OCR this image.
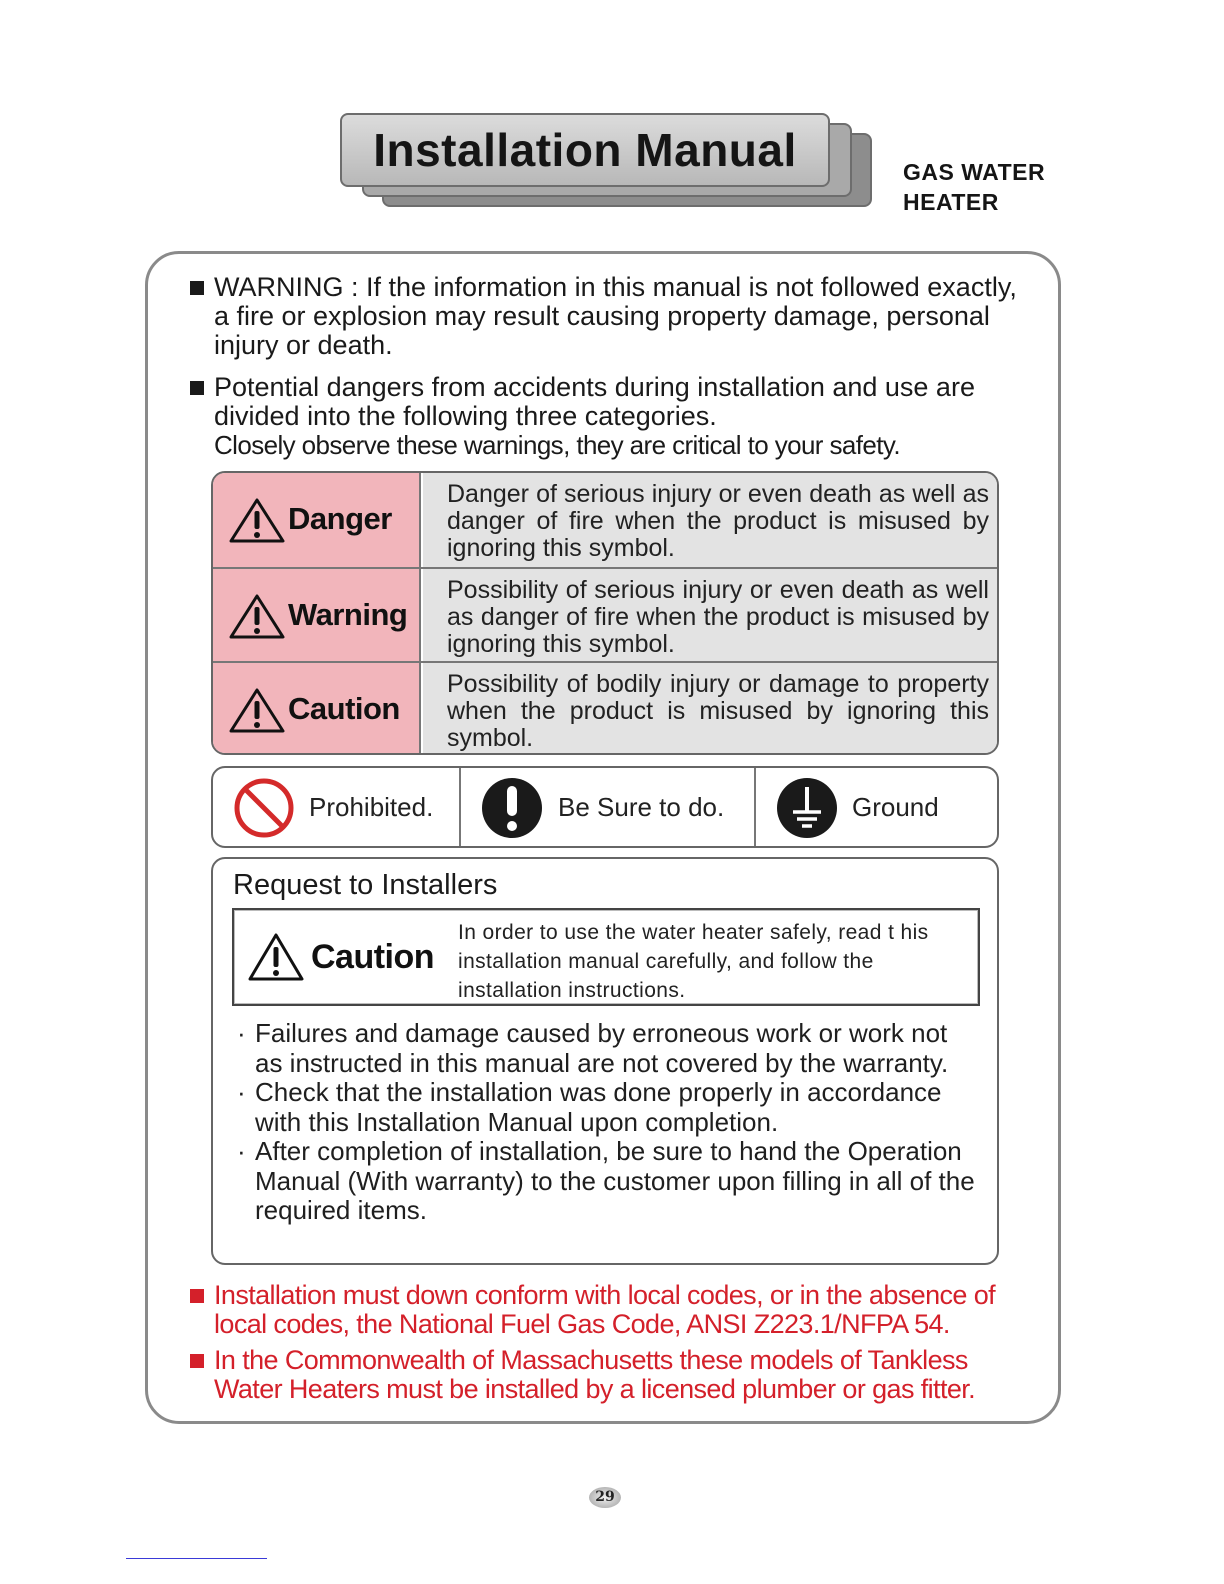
Installation Manual	GAS WATER
HEATER
WARNING : If the information in this manual is not followed exactly, a fire or explosion may result causing property damage, personal injury or death.
Potential dangers from accidents during installation and use are divided into the following three categories.
Closely observe these warnings, they are critical to your safety.
Danger
Danger of serious injury or even death as well as danger of fire when the product is misused by ignoring this symbol.
Warning
Possibility of serious injury or even death as well as danger of fire when the product is misused by ignoring this symbol.
Caution
Possibility of bodily injury or damage to property when the product is misused by ignoring this symbol.
Prohibited.	Be Sure to do.	Ground
Request to Installers
Caution
In order to use the water heater safely, read t his installation manual carefully, and follow the installation instructions.
· Failures and damage caused by erroneous work or work not as instructed in this manual are not covered by the warranty.
· Check that the installation was done properly in accordance with this Installation Manual upon completion.
· After completion of installation, be sure to hand the Operation Manual (With warranty) to the customer upon filling in all of the required items.
Installation must down conform with local codes, or in the absence of local codes, the National Fuel Gas Code, ANSI Z223.1/NFPA 54.
In the Commonwealth of Massachusetts these models of Tankless Water Heaters must be installed by a licensed plumber or gas fitter.
29
